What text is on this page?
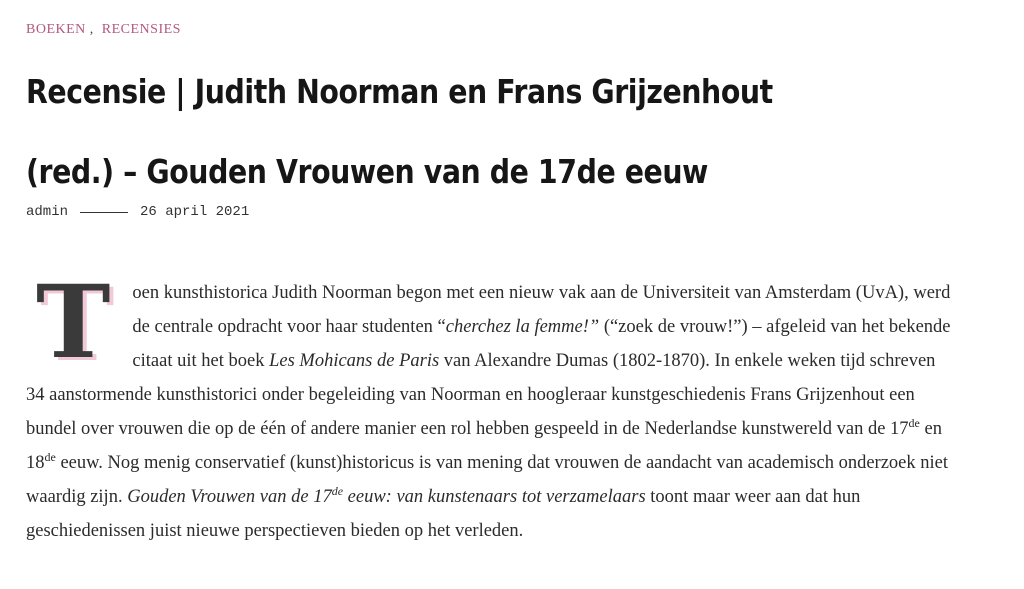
BOEKEN , RECENSIES
Recensie | Judith Noorman en Frans Grijzenhout (red.) – Gouden Vrouwen van de 17de eeuw
admin	26 april 2021

T oen kunsthistorica Judith Noorman begon met een nieuw vak aan de Universiteit van Amsterdam (UvA), werd de centrale opdracht voor haar studenten “cherchez la femme!” (“zoek de vrouw!”) – afgeleid van het bekende citaat uit het boek Les Mohicans de Paris van Alexandre Dumas (1802-1870). In enkele weken tijd schreven 34 aanstormende kunsthistorici onder begeleiding van Noorman en hoogleraar kunstgeschiedenis Frans Grijzenhout een bundel over vrouwen die op de één of andere manier een rol hebben gespeeld in de Nederlandse kunstwereld van de 17de en 18de eeuw. Nog menig conservatief (kunst)historicus is van mening dat vrouwen de aandacht van academisch onderzoek niet waardig zijn. Gouden Vrouwen van de 17de eeuw: van kunstenaars tot verzamelaars toont maar weer aan dat hun geschiedenissen juist nieuwe perspectieven bieden op het verleden.
